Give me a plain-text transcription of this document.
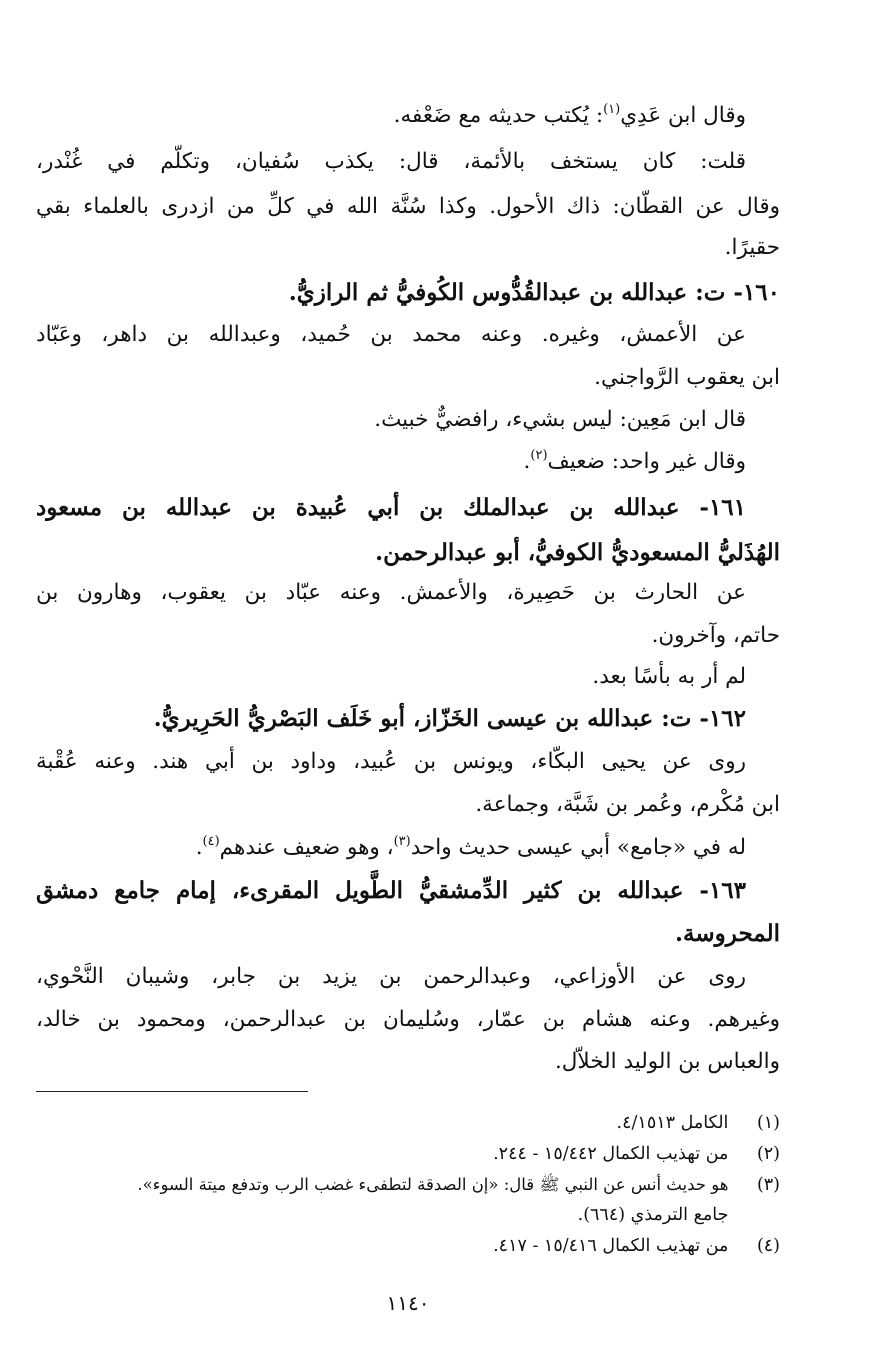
وقال ابن عَدِي$^{(١)}$: يُكتب حديثه مع ضَعْفه.
قلت: كان يستخف بالأئمة، قال: يكذب سُفيان، وتكلّم في غُنْدر،
وقال عن القطّان: ذاك الأحول. وكذا سُنَّة الله في كلِّ من ازدرى بالعلماء بقي
حقيرًا.
١٦٠- ت: عبدالله بن عبدالقُدُّوس الكُوفيُّ ثم الرازيُّ.
عن الأعمش، وغيره. وعنه محمد بن حُميد، وعبدالله بن داهر، وعَبّاد
ابن يعقوب الرَّواجني.
قال ابن مَعِين: ليس بشيء، رافضيٌّ خبيث.
وقال غير واحد: ضعيف$^{(٢)}$.
١٦١- عبدالله بن عبدالملك بن أبي عُبيدة بن عبدالله بن مسعود
الهُذَليُّ المسعوديُّ الكوفيُّ، أبو عبدالرحمن.
عن الحارث بن حَصِيرة، والأعمش. وعنه عبّاد بن يعقوب، وهارون بن
حاتم، وآخرون.
لم أر به بأسًا بعد.
١٦٢- ت: عبدالله بن عيسى الخَزّاز، أبو خَلَف البَصْريُّ الحَرِيريُّ.
روى عن يحيى البكّاء، ويونس بن عُبيد، وداود بن أبي هند. وعنه عُقْبة
ابن مُكْرم، وعُمر بن شَبَّة، وجماعة.
له في «جامع» أبي عيسى حديث واحد$^{(٣)}$، وهو ضعيف عندهم$^{(٤)}$.
١٦٣- عبدالله بن كثير الدِّمشقيُّ الطَّويل المقرىء، إمام جامع دمشق
المحروسة.
روى عن الأوزاعي، وعبدالرحمن بن يزيد بن جابر، وشيبان النَّحْوي،
وغيرهم. وعنه هشام بن عمّار، وسُليمان بن عبدالرحمن، ومحمود بن خالد،
والعباس بن الوليد الخلاّل.
(١) الكامل ٤/١٥١٣.
(٢) من تهذيب الكمال ١٥/٤٤٢ - ٢٤٤.
(٣) هو حديث أنس عن النبي ﷺ قال: «إن الصدقة لتطفىء غضب الرب وتدفع ميتة السوء».
جامع الترمذي (٦٦٤).
(٤) من تهذيب الكمال ١٥/٤١٦ - ٤١٧.
١١٤٠
